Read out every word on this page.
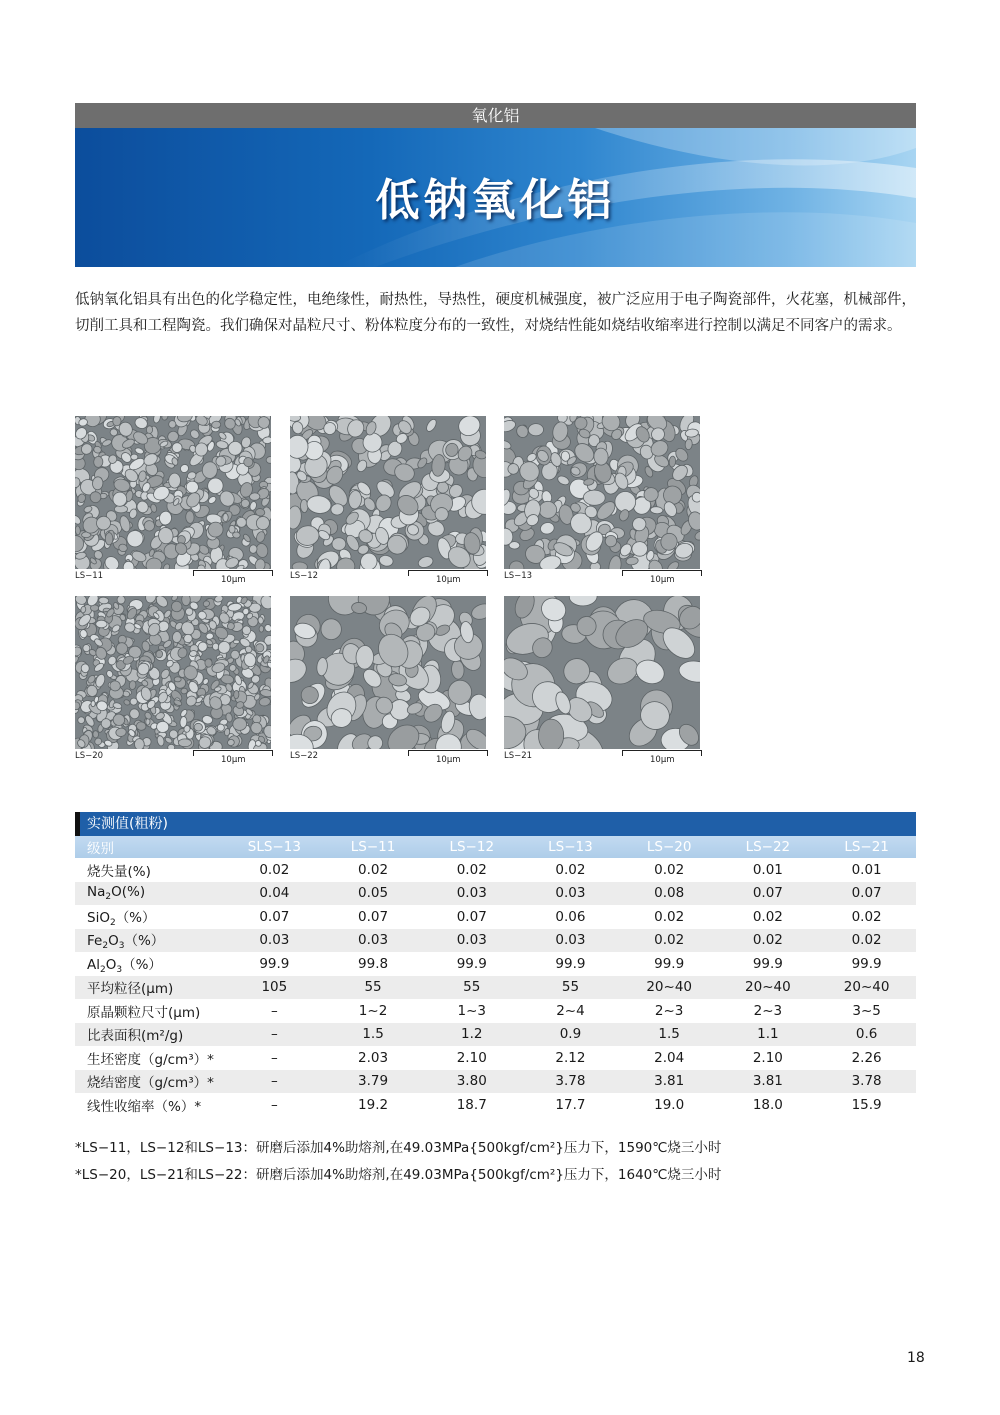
氧化铝
低钠氧化铝

低钠氧化铝具有出色的化学稳定性，电绝缘性，耐热性，导热性，硬度机械强度，被广泛应用于电子陶瓷部件，火花塞，机械部件，切削工具和工程陶瓷。我们确保对晶粒尺寸、粉体粒度分布的一致性，对烧结性能如烧结收缩率进行控制以满足不同客户的需求。

LS−11	10μm	LS−12	10μm	LS−13	10μm
LS−20	10μm	LS−22	10μm	LS−21	10μm
实测值(粗粉)
级别	SLS−13	LS−11	LS−12	LS−13	LS−20	LS−22	LS−21
烧失量(%)	0.02	0.02	0.02	0.02	0.02	0.01	0.01
$Na_2O(\%)$	0.04	0.05	0.03	0.03	0.08	0.07	0.07
SiO$_2$（%）	0.07	0.07	0.07	0.06	0.02	0.02	0.02
$Fe_2O_3(\%)$	0.03	0.03	0.03	0.03	0.02	0.02	0.02
$Al_2O_3(\%)$	99.9	99.8	99.9	99.9	99.9	99.9	99.9
平均粒径(μm)	105	55	55	55	20~40	20~40	20~40
原晶颗粒尺寸(μm)	–	1~2	1~3	2~4	2~3	2~3	3~5
比表面积(m²/g)	–	1.5	1.2	0.9	1.5	1.1	0.6
生坯密度（g/cm³）*	–	2.03	2.10	2.12	2.04	2.10	2.26
烧结密度（g/cm³）*	–	3.79	3.80	3.78	3.81	3.81	3.78
线性收缩率（%）*	–	19.2	18.7	17.7	19.0	18.0	15.9
*LS−11，LS−12和LS−13：研磨后添加4%助熔剂,在49.03MPa{500kgf/cm²}压力下，1590℃烧三小时
*LS−20，LS−21和LS−22：研磨后添加4%助熔剂,在49.03MPa{500kgf/cm²}压力下，1640℃烧三小时
18
